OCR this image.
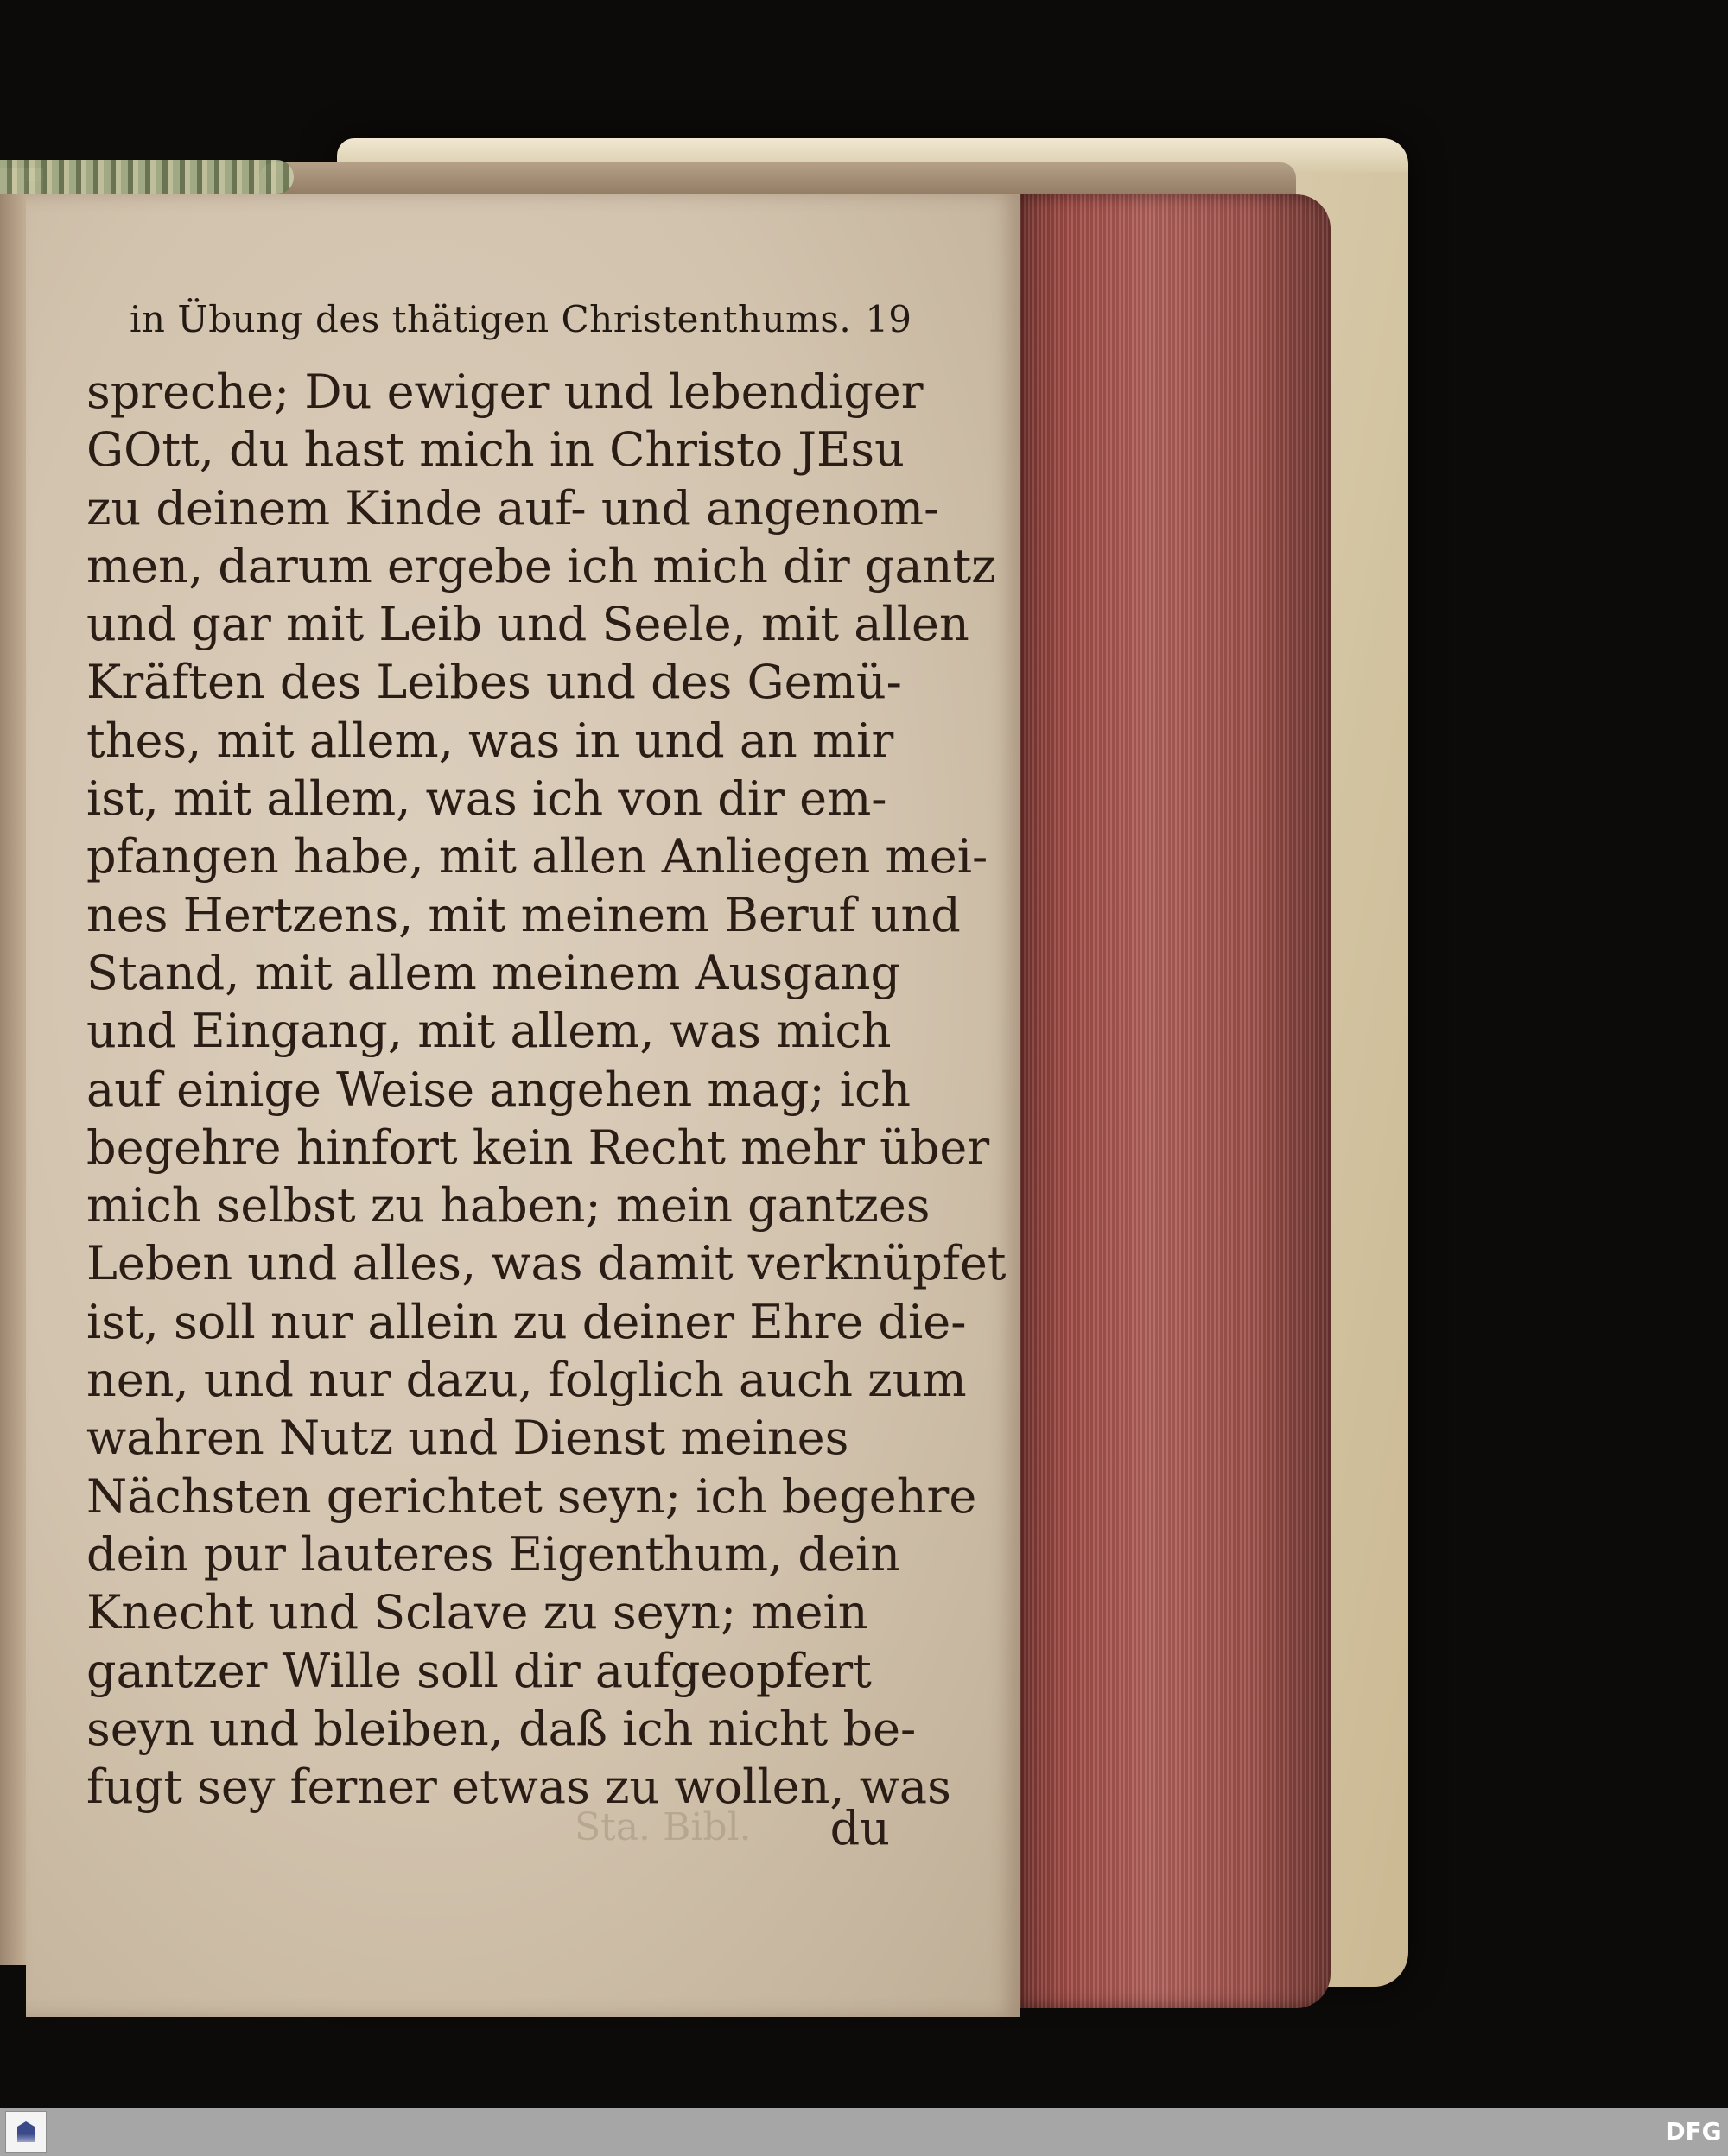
in Übung des thätigen Christenthums. 19
spreche; Du ewiger und lebendiger
GOtt, du hast mich in Christo JEsu
zu deinem Kinde auf- und angenom-
men, darum ergebe ich mich dir gantz
und gar mit Leib und Seele, mit allen
Kräften des Leibes und des Gemü-
thes, mit allem, was in und an mir
ist, mit allem, was ich von dir em-
pfangen habe, mit allen Anliegen mei-
nes Hertzens, mit meinem Beruf und
Stand, mit allem meinem Ausgang
und Eingang, mit allem, was mich
auf einige Weise angehen mag; ich
begehre hinfort kein Recht mehr über
mich selbst zu haben; mein gantzes
Leben und alles, was damit verknüpfet
ist, soll nur allein zu deiner Ehre die-
nen, und nur dazu, folglich auch zum
wahren Nutz und Dienst meines
Nächsten gerichtet seyn; ich begehre
dein pur lauteres Eigenthum, dein
Knecht und Sclave zu seyn; mein
gantzer Wille soll dir aufgeopfert
seyn und bleiben, daß ich nicht be-
fugt sey ferner etwas zu wollen, was
Sta. Bibl.	du
DFG
